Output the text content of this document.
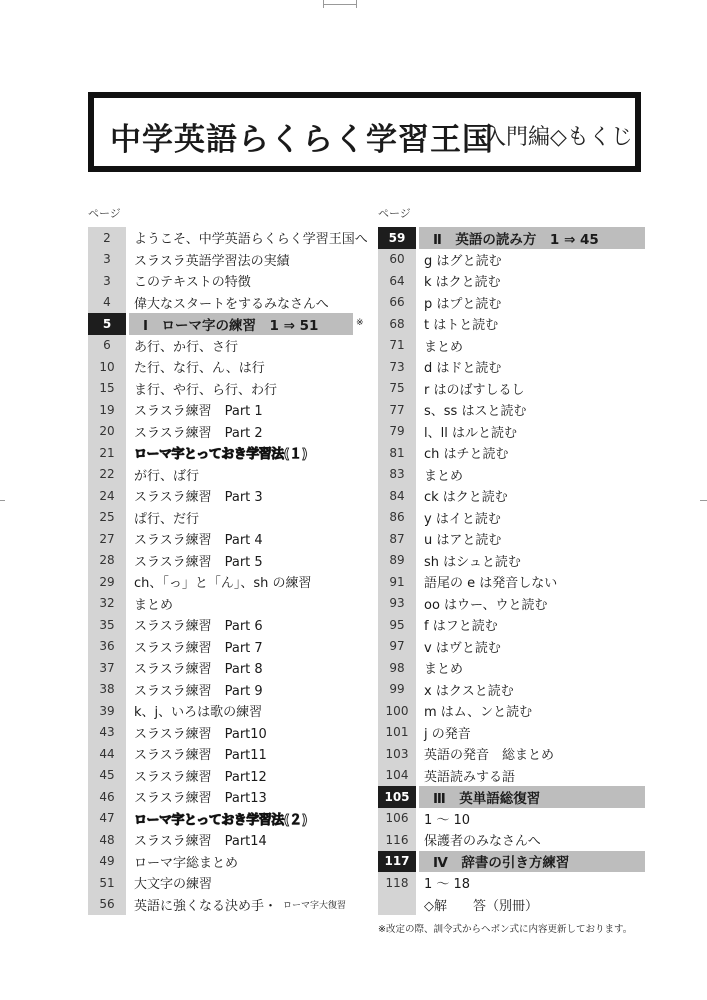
中学英語らくらく学習王国
入門編◇もくじ
ページ	ページ
2	ようこそ、中学英語らくらく学習王国へ
3	スラスラ英語学習法の実績
3	このテキストの特徴
4	偉大なスタートをするみなさんへ
5	Ⅰ　ローマ字の練習　1 ⇒ 51	※
6	あ行、か行、さ行
10	た行、な行、ん、は行
15	ま行、や行、ら行、わ行
19	スラスラ練習　Part 1
20	スラスラ練習　Part 2
21	ローマ字とっておき学習法(１)
22	が行、ば行
24	スラスラ練習　Part 3
25	ぱ行、だ行
27	スラスラ練習　Part 4
28	スラスラ練習　Part 5
29	ch、「っ」と「ん」、sh の練習
32	まとめ
35	スラスラ練習　Part 6
36	スラスラ練習　Part 7
37	スラスラ練習　Part 8
38	スラスラ練習　Part 9
39	k、j、いろは歌の練習
43	スラスラ練習　Part10
44	スラスラ練習　Part11
45	スラスラ練習　Part12
46	スラスラ練習　Part13
47	ローマ字とっておき学習法(２)
48	スラスラ練習　Part14
49	ローマ字総まとめ
51	大文字の練習
56	英語に強くなる決め手・ ローマ字大復習
59	Ⅱ　英語の読み方　1 ⇒ 45
60	g はグと読む
64	k はクと読む
66	p はプと読む
68	t はトと読む
71	まとめ
73	d はドと読む
75	r はのばすしるし
77	s、ss はスと読む
79	l、ll はルと読む
81	ch はチと読む
83	まとめ
84	ck はクと読む
86	y はイと読む
87	u はアと読む
89	sh はシュと読む
91	語尾の e は発音しない
93	oo はウー、ウと読む
95	f はフと読む
97	v はヴと読む
98	まとめ
99	x はクスと読む
100	m はム、ンと読む
101	j の発音
103	英語の発音　総まとめ
104	英語読みする語
105	Ⅲ　英単語総復習
106	1 ～ 10
116	保護者のみなさんへ
117	Ⅳ　辞書の引き方練習
118	1 ～ 18
◇解　　答（別冊）
※改定の際、訓令式からヘボン式に内容更新しております。
